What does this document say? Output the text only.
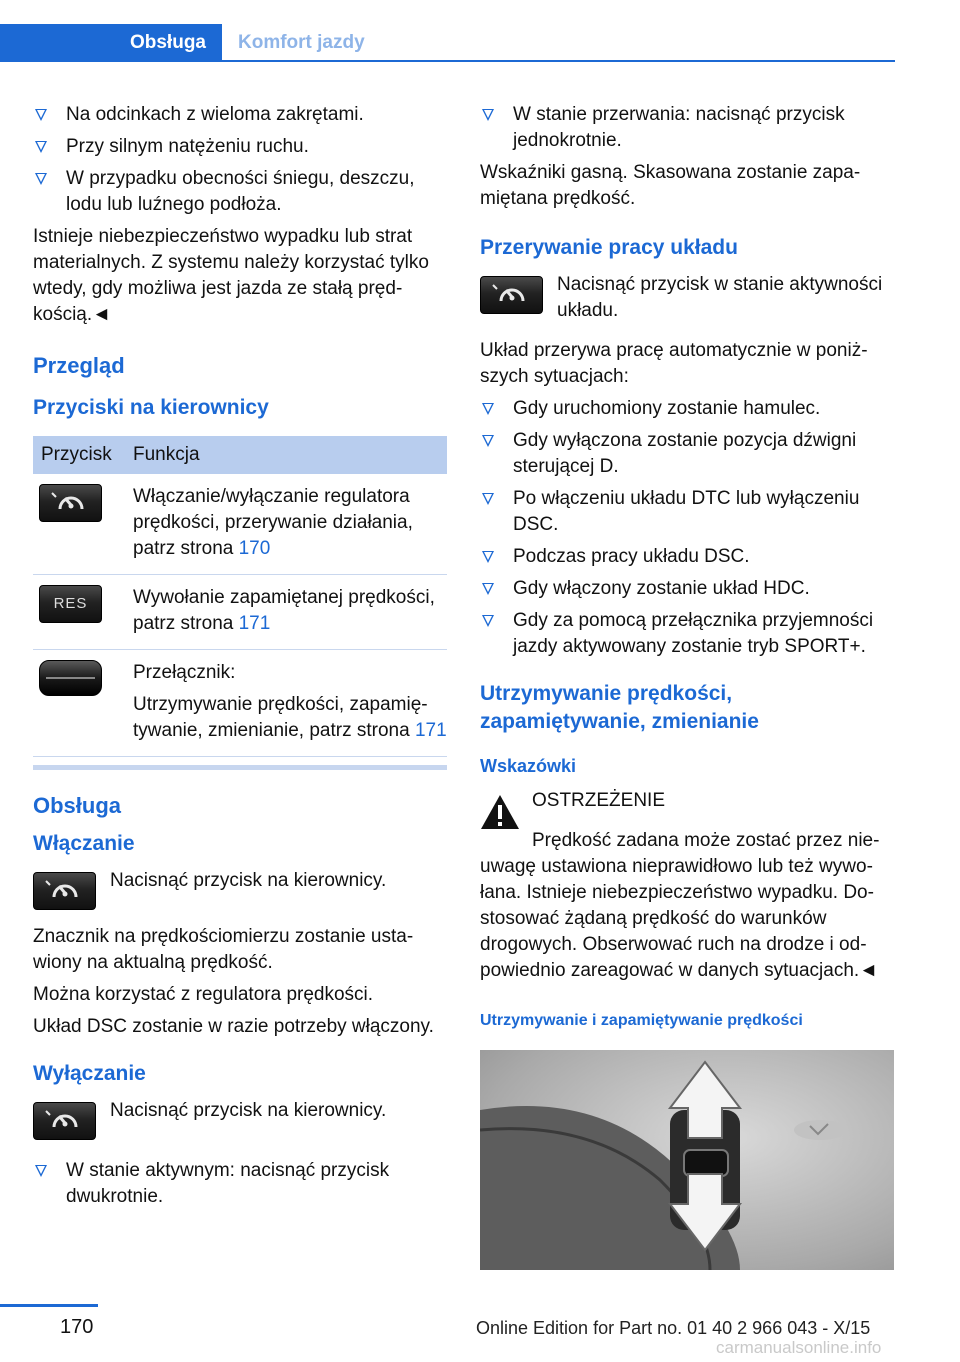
Obsługa	Komfort jazdy
Na odcinkach z wieloma zakrętami.
Przy silnym natężeniu ruchu.
W przypadku obecności śniegu, deszczu, lodu lub luźnego podłoża.

Istnieje niebezpieczeństwo wypadku lub strat materialnych. Z systemu należy korzystać tylko wtedy, gdy możliwa jest jazda ze stałą prędkością.◄

Przegląd
Przyciski na kierownicy
Przycisk	Funkcja

	Włączanie/wyłączanie regulatora prędkości, przerywanie działania, patrz strona 170

RES	Wywołanie zapamiętanej prędkości, patrz strona 171

	Przełącznik:
Utrzymywanie prędkości, zapamiętywanie, zmienianie, patrz strona 171
Obsługa
Włączanie
Nacisnąć przycisk na kierownicy.

Znacznik na prędkościomierzu zostanie ustawiony na aktualną prędkość.

Można korzystać z regulatora prędkości.

Układ DSC zostanie w razie potrzeby włączony.

Wyłączanie
Nacisnąć przycisk na kierownicy.
W stanie aktywnym: nacisnąć przycisk dwukrotnie.
W stanie przerwania: nacisnąć przycisk jednokrotnie.

Wskaźniki gasną. Skasowana zostanie zapamiętana prędkość.

Przerywanie pracy układu
Nacisnąć przycisk w stanie aktywności układu.

Układ przerywa pracę automatycznie w poniższych sytuacjach:

Gdy uruchomiony zostanie hamulec.
Gdy wyłączona zostanie pozycja dźwigni sterującej D.
Po włączeniu układu DTC lub wyłączeniu DSC.
Podczas pracy układu DSC.
Gdy włączony zostanie układ HDC.
Gdy za pomocą przełącznika przyjemności jazdy aktywowany zostanie tryb SPORT+.
Utrzymywanie prędkości, zapamiętywanie, zmienianie
Wskazówki
OSTRZEŻENIE
Prędkość zadana może zostać przez nieuwagę ustawiona nieprawidłowo lub też wywołana. Istnieje niebezpieczeństwo wypadku. Dostosować żądaną prędkość do warunków drogowych. Obserwować ruch na drodze i odpowiednio zareagować w danych sytuacjach.◄
Utrzymywanie i zapamiętywanie prędkości
170	Online Edition for Part no. 01 40 2 966 043 - X/15
carmanualsonline.info
